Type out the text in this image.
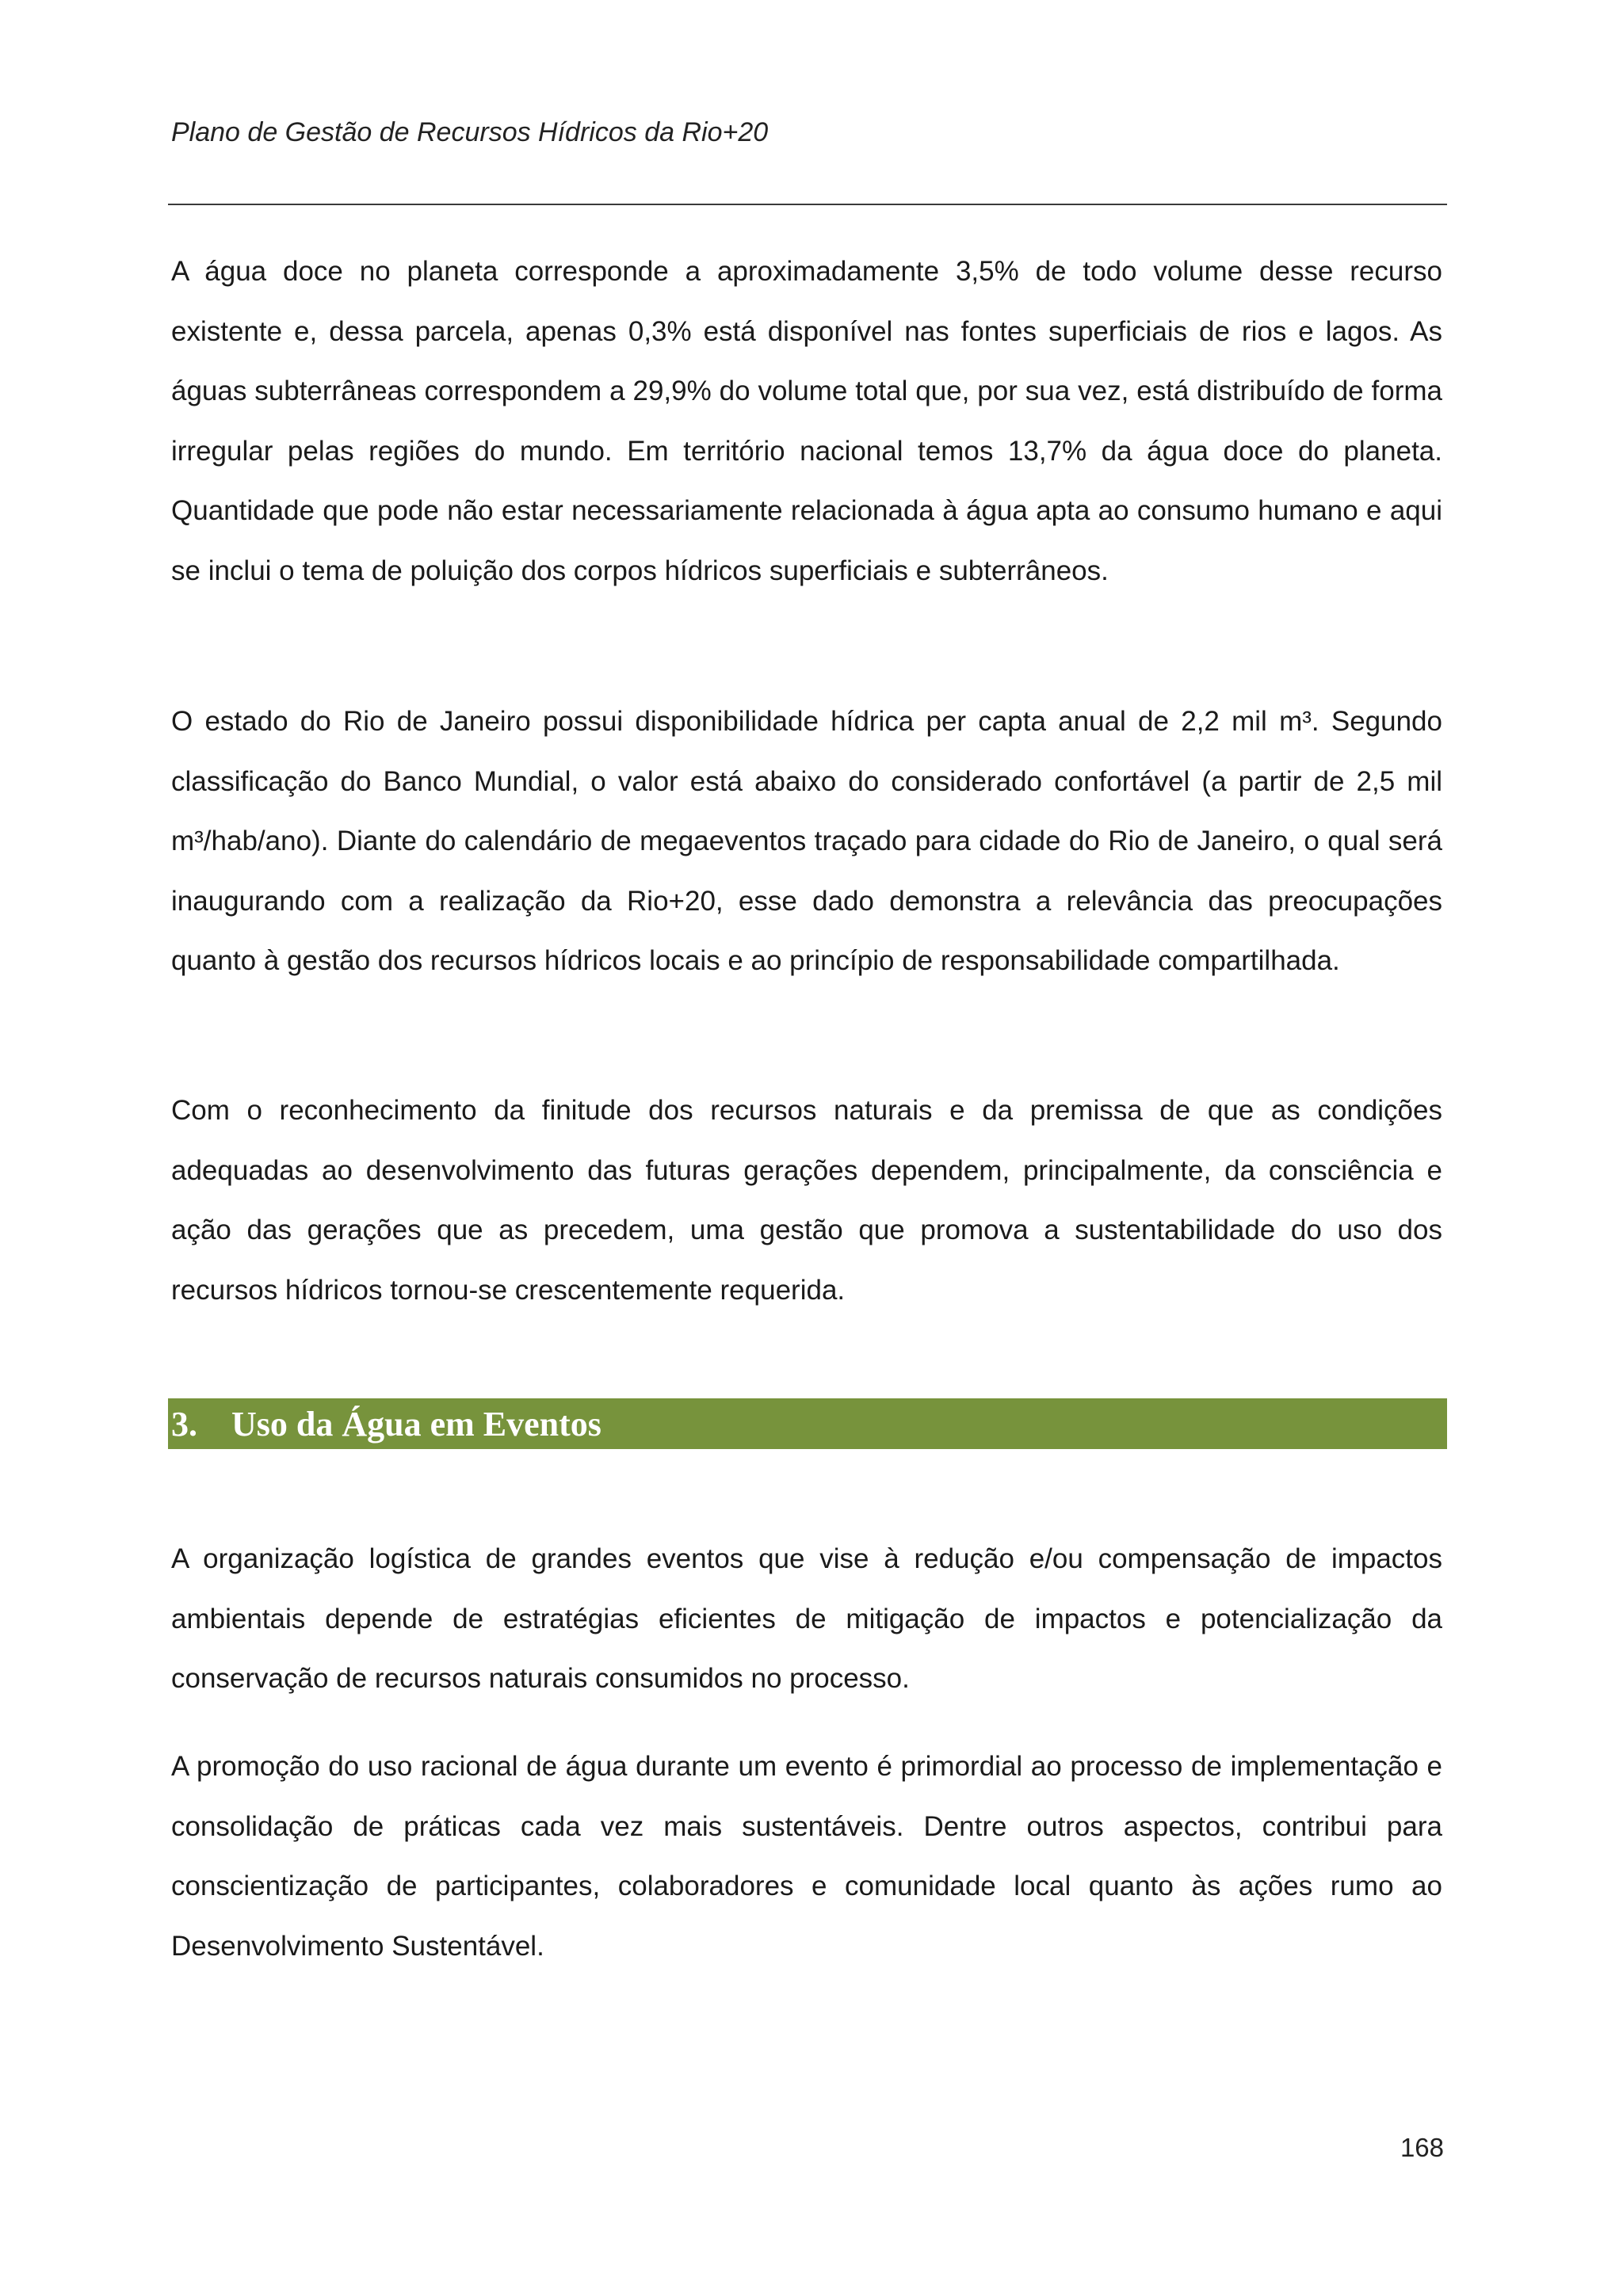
Plano de Gestão de Recursos Hídricos da Rio+20

A água doce no planeta corresponde a aproximadamente 3,5% de todo volume desse recurso existente e, dessa parcela, apenas 0,3% está disponível nas fontes superficiais de rios e lagos. As águas subterrâneas correspondem a 29,9% do volume total que, por sua vez, está distribuído de forma irregular pelas regiões do mundo. Em território nacional temos 13,7% da água doce do planeta. Quantidade que pode não estar necessariamente relacionada à água apta ao consumo humano e aqui se inclui o tema de poluição dos corpos hídricos superficiais e subterrâneos.

O estado do Rio de Janeiro possui disponibilidade hídrica per capta anual de 2,2 mil m³. Segundo classificação do Banco Mundial, o valor está abaixo do considerado confortável (a partir de 2,5 mil m³/hab/ano). Diante do calendário de megaeventos traçado para cidade do Rio de Janeiro, o qual será inaugurando com a realização da Rio+20, esse dado demonstra a relevância das preocupações quanto à gestão dos recursos hídricos locais e ao princípio de responsabilidade compartilhada.

Com o reconhecimento da finitude dos recursos naturais e da premissa de que as condições adequadas ao desenvolvimento das futuras gerações dependem, principalmente, da consciência e ação das gerações que as precedem, uma gestão que promova a sustentabilidade do uso dos recursos hídricos tornou-se crescentemente requerida.

3. Uso da Água em Eventos

A organização logística de grandes eventos que vise à redução e/ou compensação de impactos ambientais depende de estratégias eficientes de mitigação de impactos e potencialização da conservação de recursos naturais consumidos no processo.

A promoção do uso racional de água durante um evento é primordial ao processo de implementação e consolidação de práticas cada vez mais sustentáveis. Dentre outros aspectos, contribui para conscientização de participantes, colaboradores e comunidade local quanto às ações rumo ao Desenvolvimento Sustentável.

168
